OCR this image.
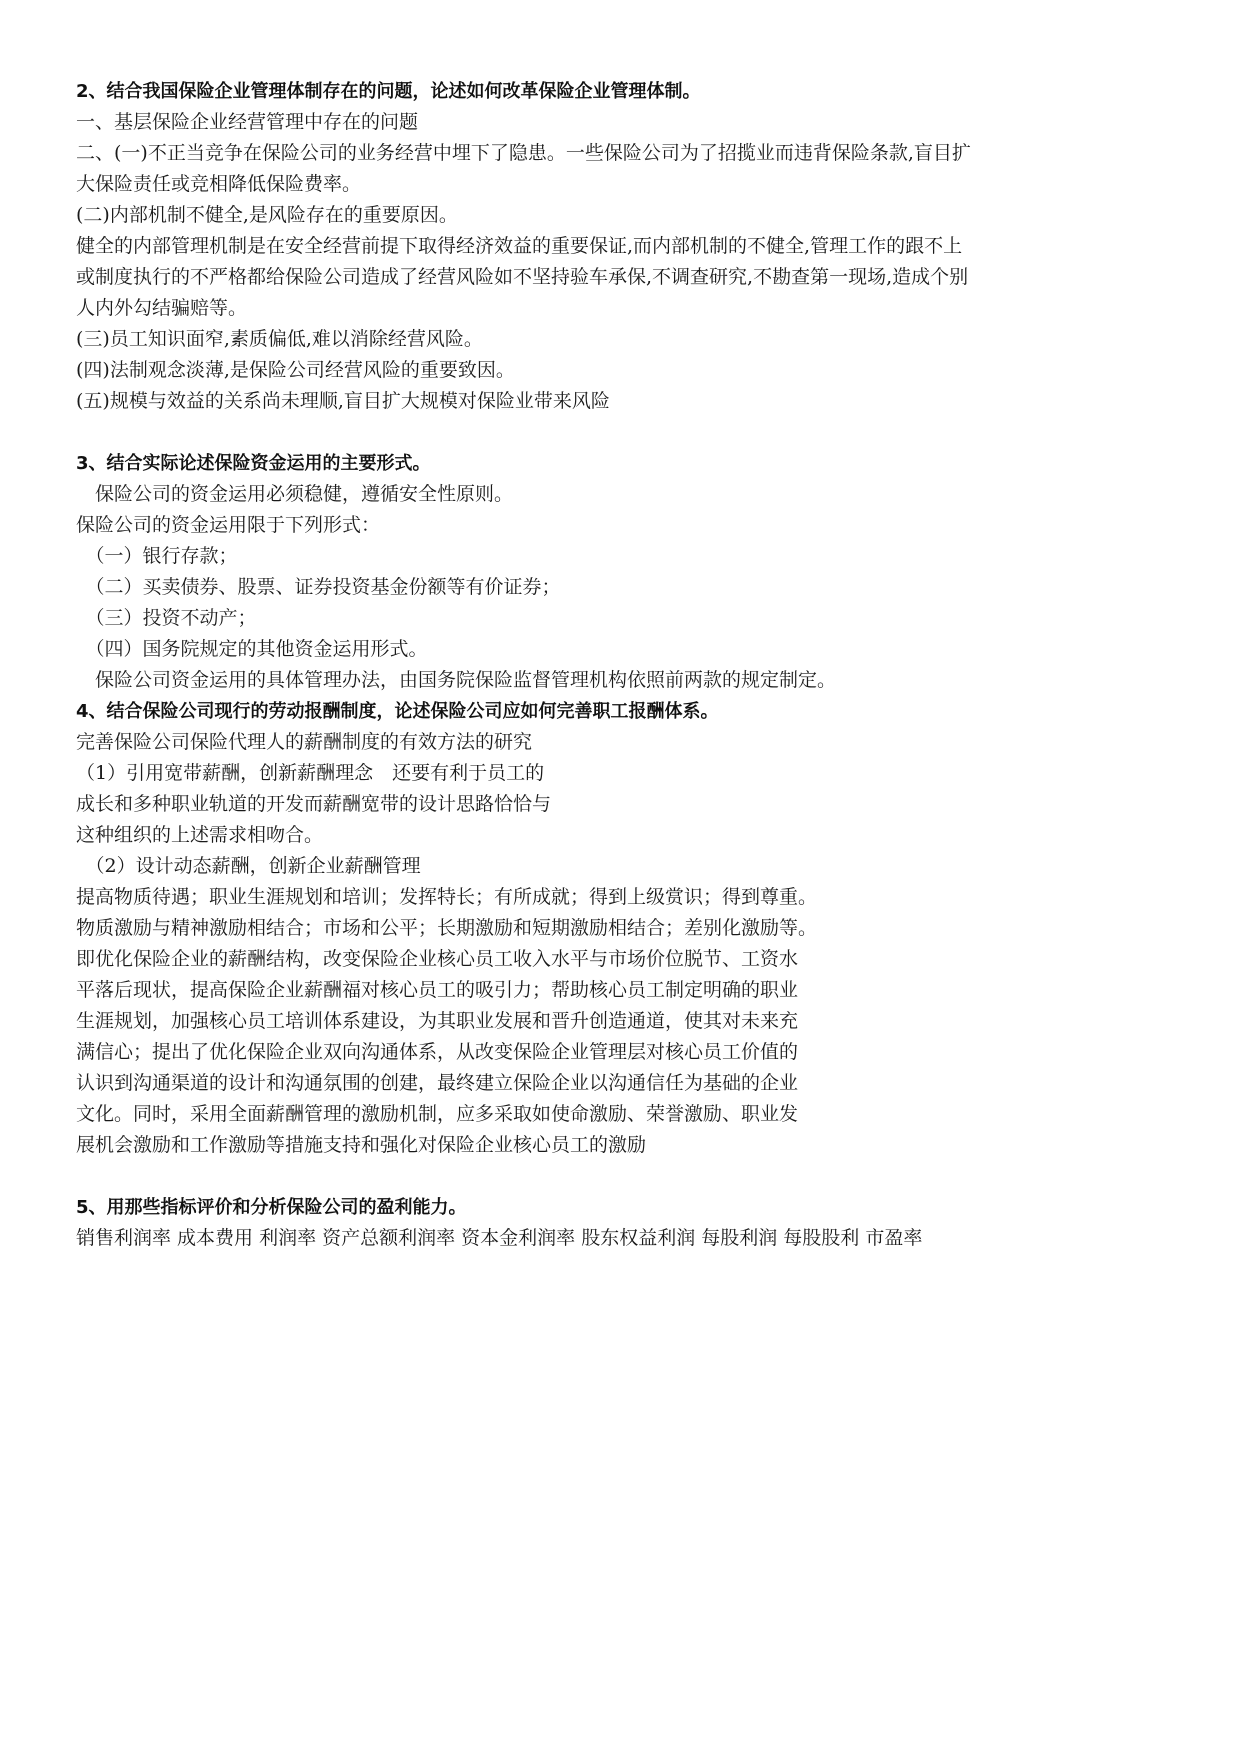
2、结合我国保险企业管理体制存在的问题，论述如何改革保险企业管理体制。
一、基层保险企业经营管理中存在的问题
二、(一)不正当竞争在保险公司的业务经营中埋下了隐患。一些保险公司为了招揽业而违背保险条款,盲目扩
大保险责任或竞相降低保险费率。
(二)内部机制不健全,是风险存在的重要原因。
健全的内部管理机制是在安全经营前提下取得经济效益的重要保证,而内部机制的不健全,管理工作的跟不上
或制度执行的不严格都给保险公司造成了经营风险如不坚持验车承保,不调查研究,不勘查第一现场,造成个别
人内外勾结骗赔等。
(三)员工知识面窄,素质偏低,难以消除经营风险。
(四)法制观念淡薄,是保险公司经营风险的重要致因。
(五)规模与效益的关系尚未理顺,盲目扩大规模对保险业带来风险
3、结合实际论述保险资金运用的主要形式。
　保险公司的资金运用必须稳健，遵循安全性原则。
保险公司的资金运用限于下列形式：
　（一）银行存款；
　（二）买卖债券、股票、证券投资基金份额等有价证券；
　（三）投资不动产；
　（四）国务院规定的其他资金运用形式。
　保险公司资金运用的具体管理办法，由国务院保险监督管理机构依照前两款的规定制定。
4、结合保险公司现行的劳动报酬制度，论述保险公司应如何完善职工报酬体系。
完善保险公司保险代理人的薪酬制度的有效方法的研究
（1）引用宽带薪酬，创新薪酬理念　还要有利于员工的
成长和多种职业轨道的开发而薪酬宽带的设计思路恰恰与
这种组织的上述需求相吻合。
　（2）设计动态薪酬，创新企业薪酬管理
提高物质待遇；职业生涯规划和培训；发挥特长；有所成就；得到上级赏识；得到尊重。
物质激励与精神激励相结合；市场和公平；长期激励和短期激励相结合；差别化激励等。
即优化保险企业的薪酬结构，改变保险企业核心员工收入水平与市场价位脱节、工资水
平落后现状，提高保险企业薪酬福对核心员工的吸引力；帮助核心员工制定明确的职业
生涯规划，加强核心员工培训体系建设，为其职业发展和晋升创造通道，使其对未来充
满信心；提出了优化保险企业双向沟通体系，从改变保险企业管理层对核心员工价值的
认识到沟通渠道的设计和沟通氛围的创建，最终建立保险企业以沟通信任为基础的企业
文化。同时，采用全面薪酬管理的激励机制，应多采取如使命激励、荣誉激励、职业发
展机会激励和工作激励等措施支持和强化对保险企业核心员工的激励
5、用那些指标评价和分析保险公司的盈利能力。
销售利润率 成本费用 利润率 资产总额利润率 资本金利润率 股东权益利润 每股利润 每股股利 市盈率
